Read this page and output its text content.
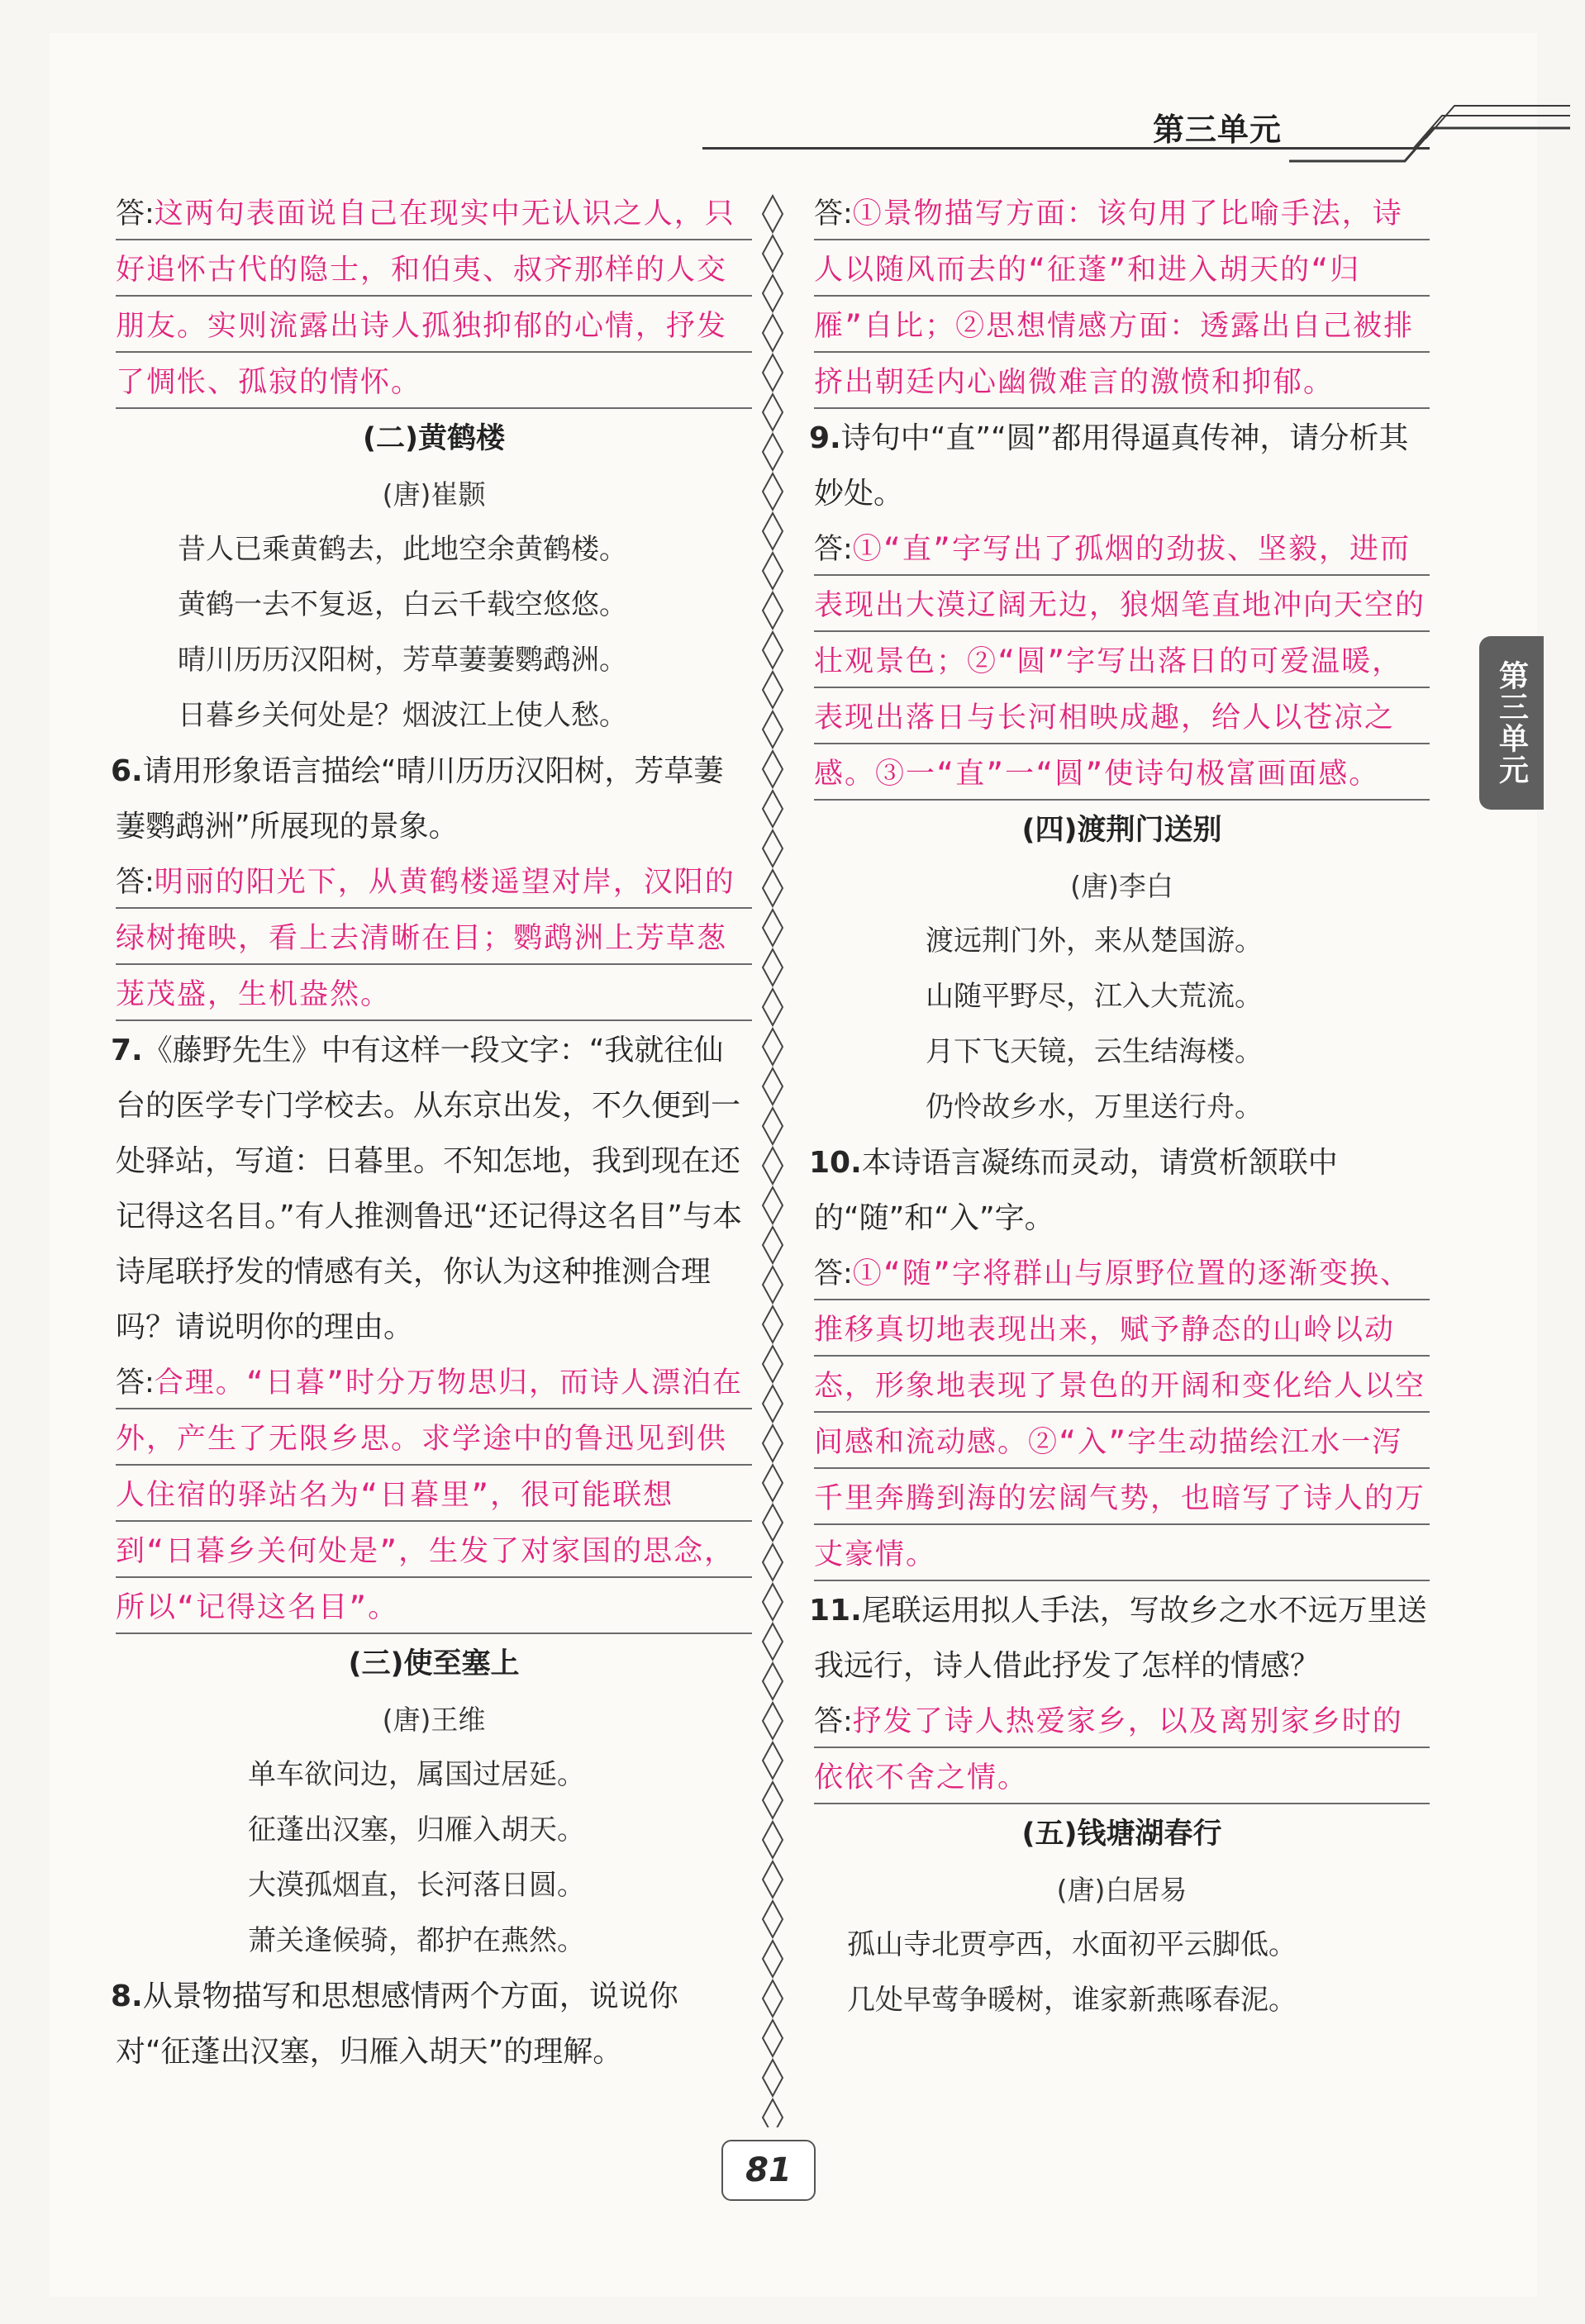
第三单元
第三单元

答:这两句表面说自己在现实中无认识之人，只好追怀古代的隐士，和伯夷、叔齐那样的人交朋友。实则流露出诗人孤独抑郁的心情，抒发了惆怅、孤寂的情怀。

(二)黄鹤楼

(唐)崔颢

昔人已乘黄鹤去，此地空余黄鹤楼。

黄鹤一去不复返，白云千载空悠悠。

晴川历历汉阳树，芳草萋萋鹦鹉洲。

日暮乡关何处是？烟波江上使人愁。

6.请用形象语言描绘“晴川历历汉阳树，芳草萋萋鹦鹉洲”所展现的景象。

答:明丽的阳光下，从黄鹤楼遥望对岸，汉阳的绿树掩映，看上去清晰在目；鹦鹉洲上芳草葱茏茂盛，生机盎然。

7.《藤野先生》中有这样一段文字：“我就往仙台的医学专门学校去。从东京出发，不久便到一处驿站，写道：日暮里。不知怎地，我到现在还记得这名目。”有人推测鲁迅“还记得这名目”与本诗尾联抒发的情感有关，你认为这种推测合理吗？请说明你的理由。

答:合理。“日暮”时分万物思归，而诗人漂泊在外，产生了无限乡思。求学途中的鲁迅见到供人住宿的驿站名为“日暮里”，很可能联想到“日暮乡关何处是”，生发了对家国的思念，所以“记得这名目”。

(三)使至塞上

(唐)王维

单车欲问边，属国过居延。

征蓬出汉塞，归雁入胡天。

大漠孤烟直，长河落日圆。

萧关逢候骑，都护在燕然。

8.从景物描写和思想感情两个方面，说说你对“征蓬出汉塞，归雁入胡天”的理解。

答:①景物描写方面：该句用了比喻手法，诗人以随风而去的“征蓬”和进入胡天的“归雁”自比；②思想情感方面：透露出自己被排挤出朝廷内心幽微难言的激愤和抑郁。

9.诗句中“直”“圆”都用得逼真传神，请分析其妙处。

答:①“直”字写出了孤烟的劲拔、坚毅，进而表现出大漠辽阔无边，狼烟笔直地冲向天空的壮观景色；②“圆”字写出落日的可爱温暖，表现出落日与长河相映成趣，给人以苍凉之感。③一“直”一“圆”使诗句极富画面感。

(四)渡荆门送别

(唐)李白

渡远荆门外，来从楚国游。

山随平野尽，江入大荒流。

月下飞天镜，云生结海楼。

仍怜故乡水，万里送行舟。

10.本诗语言凝练而灵动，请赏析颔联中的“随”和“入”字。

答:①“随”字将群山与原野位置的逐渐变换、推移真切地表现出来，赋予静态的山岭以动态，形象地表现了景色的开阔和变化给人以空间感和流动感。②“入”字生动描绘江水一泻千里奔腾到海的宏阔气势，也暗写了诗人的万丈豪情。

11.尾联运用拟人手法，写故乡之水不远万里送我远行，诗人借此抒发了怎样的情感？

答:抒发了诗人热爱家乡，以及离别家乡时的依依不舍之情。

(五)钱塘湖春行

(唐)白居易

孤山寺北贾亭西，水面初平云脚低。

几处早莺争暖树，谁家新燕啄春泥。

81
